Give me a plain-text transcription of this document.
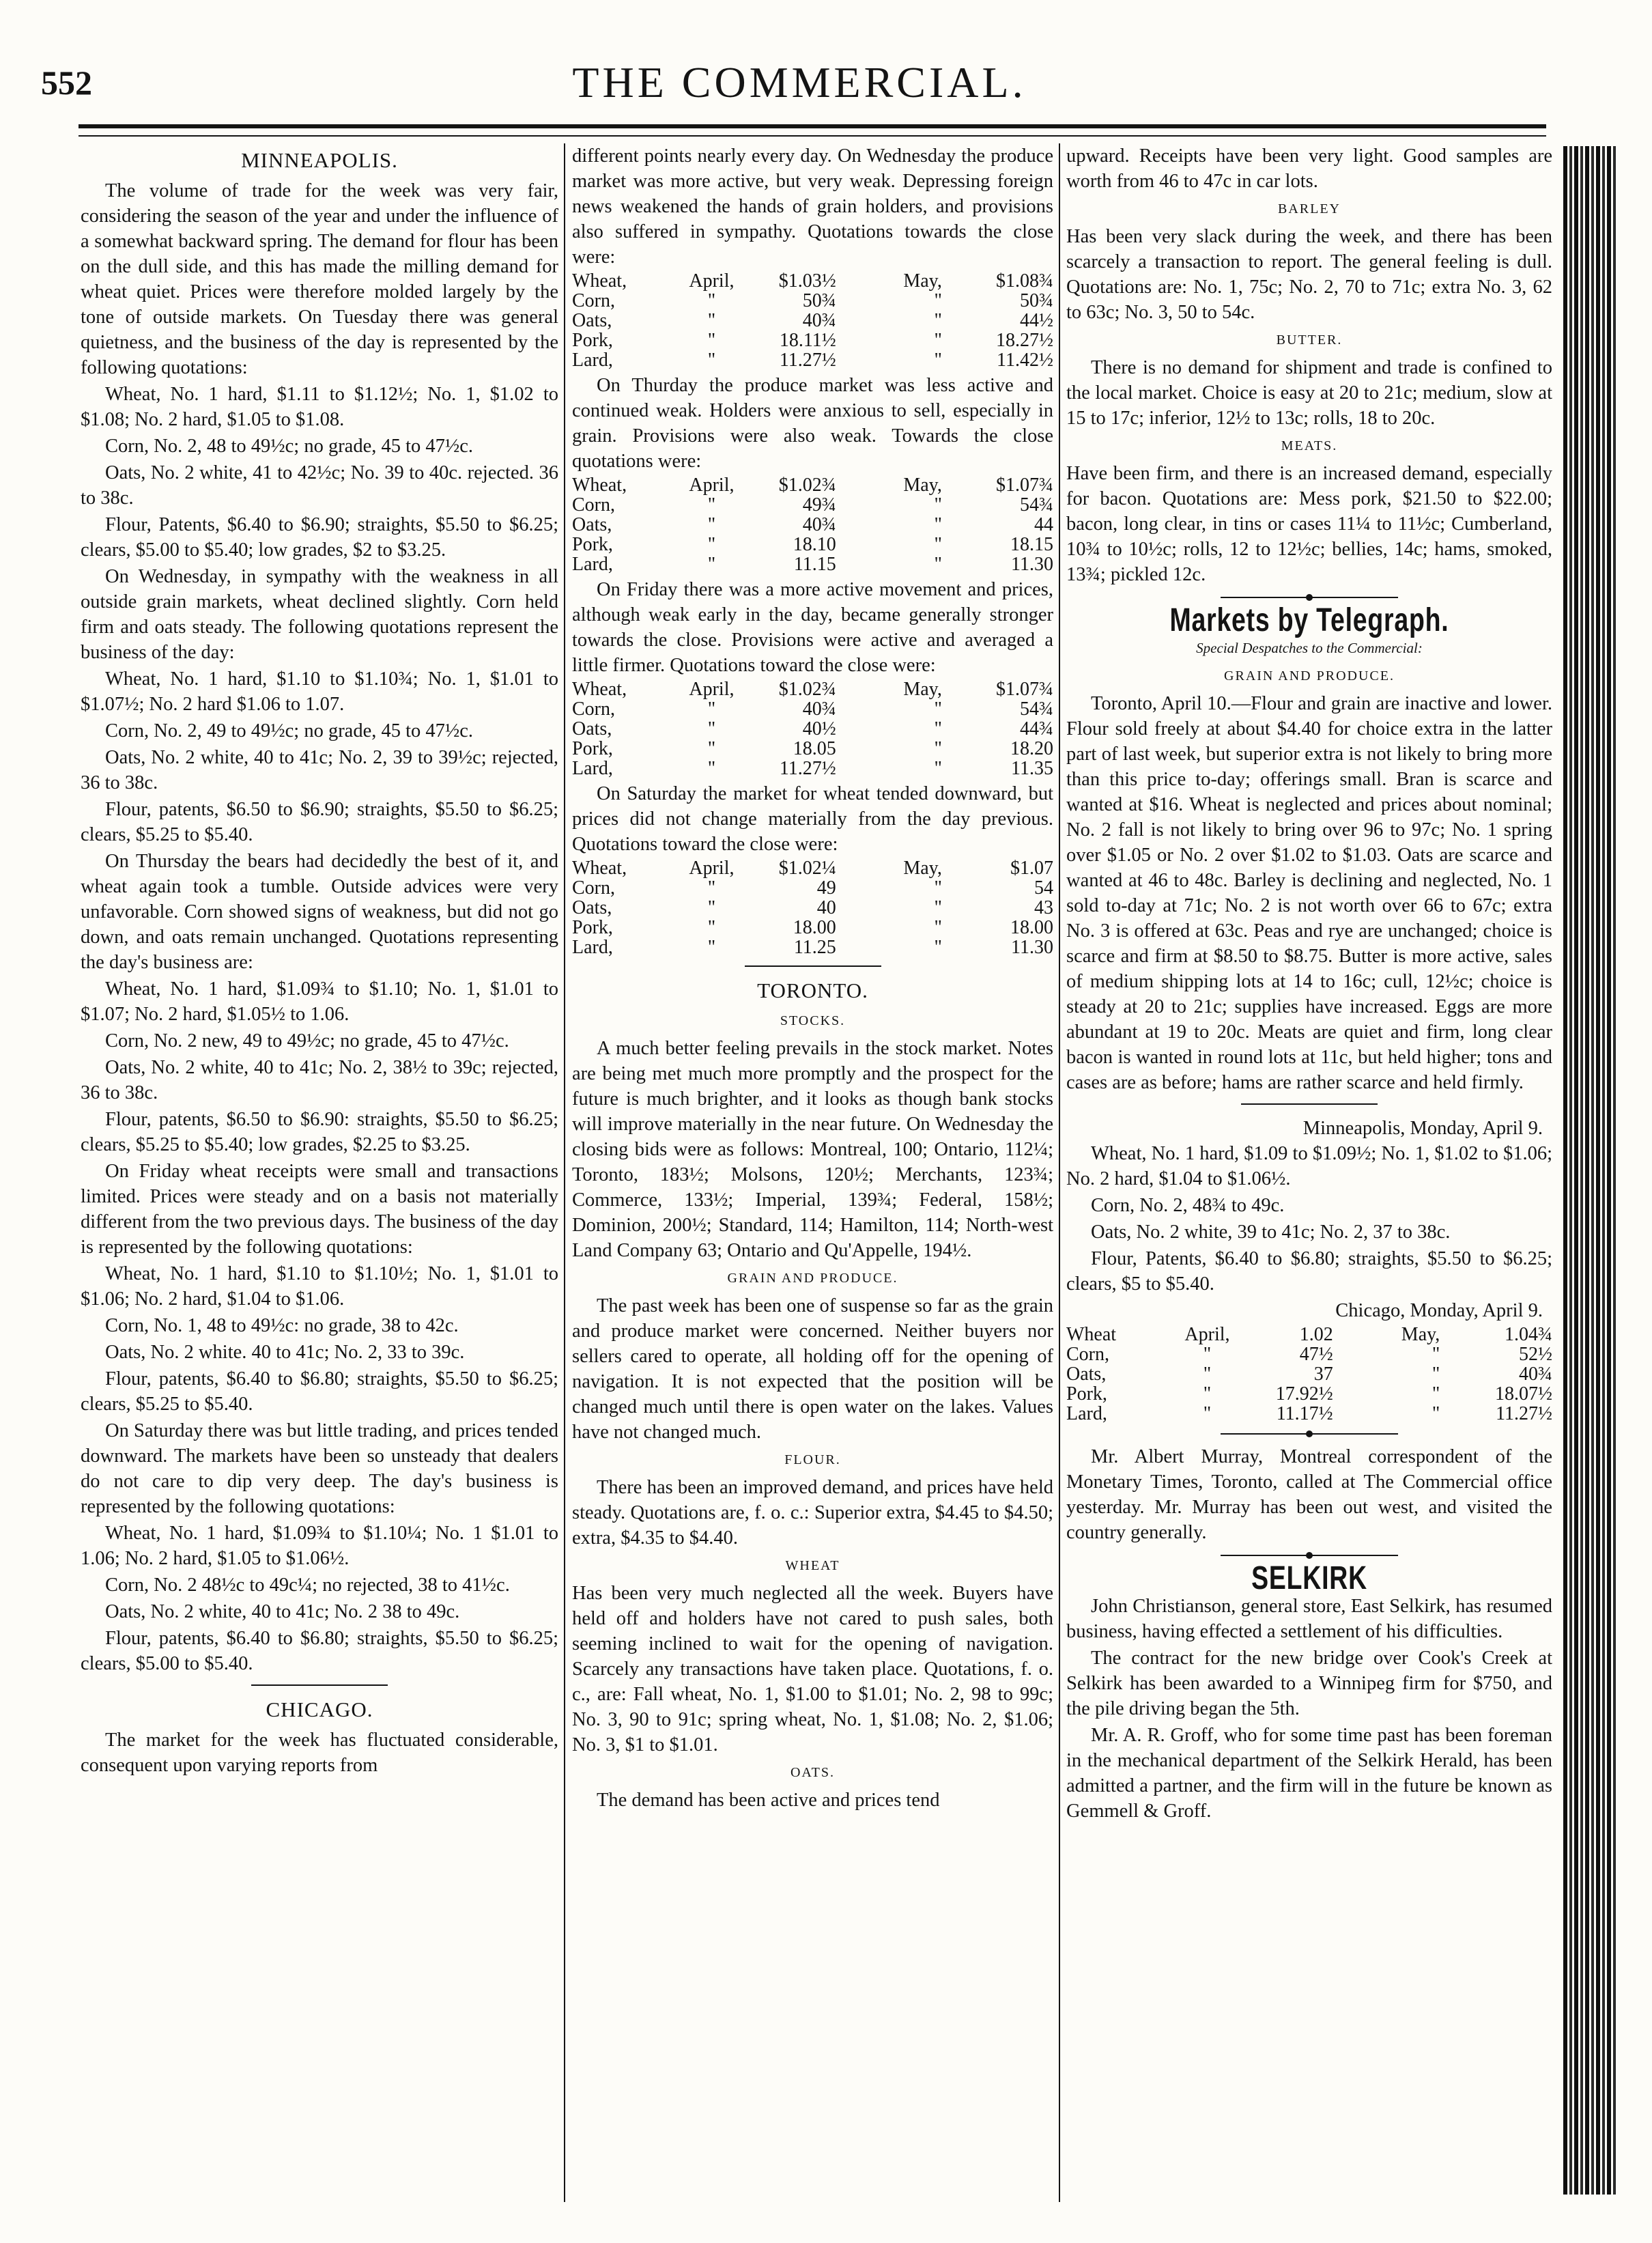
552	THE COMMERCIAL.
MINNEAPOLIS.

The volume of trade for the week was very fair, considering the season of the year and under the influence of a somewhat backward spring. The demand for flour has been on the dull side, and this has made the milling demand for wheat quiet. Prices were therefore molded largely by the tone of outside markets. On Tuesday there was general quietness, and the business of the day is represented by the following quotations:

Wheat, No. 1 hard, $1.11 to $1.12½; No. 1, $1.02 to $1.08; No. 2 hard, $1.05 to $1.08.

Corn, No. 2, 48 to 49½c; no grade, 45 to 47½c.

Oats, No. 2 white, 41 to 42½c; No. 39 to 40c. rejected. 36 to 38c.

Flour, Patents, $6.40 to $6.90; straights, $5.50 to $6.25; clears, $5.00 to $5.40; low grades, $2 to $3.25.

On Wednesday, in sympathy with the weakness in all outside grain markets, wheat declined slightly. Corn held firm and oats steady. The following quotations represent the business of the day:

Wheat, No. 1 hard, $1.10 to $1.10¾; No. 1, $1.01 to $1.07½; No. 2 hard $1.06 to 1.07.

Corn, No. 2, 49 to 49½c; no grade, 45 to 47½c.

Oats, No. 2 white, 40 to 41c; No. 2, 39 to 39½c; rejected, 36 to 38c.

Flour, patents, $6.50 to $6.90; straights, $5.50 to $6.25; clears, $5.25 to $5.40.

On Thursday the bears had decidedly the best of it, and wheat again took a tumble. Outside advices were very unfavorable. Corn showed signs of weakness, but did not go down, and oats remain unchanged. Quotations representing the day's business are:

Wheat, No. 1 hard, $1.09¾ to $1.10; No. 1, $1.01 to $1.07; No. 2 hard, $1.05½ to 1.06.

Corn, No. 2 new, 49 to 49½c; no grade, 45 to 47½c.

Oats, No. 2 white, 40 to 41c; No. 2, 38½ to 39c; rejected, 36 to 38c.

Flour, patents, $6.50 to $6.90: straights, $5.50 to $6.25; clears, $5.25 to $5.40; low grades, $2.25 to $3.25.

On Friday wheat receipts were small and transactions limited. Prices were steady and on a basis not materially different from the two previous days. The business of the day is represented by the following quotations:

Wheat, No. 1 hard, $1.10 to $1.10½; No. 1, $1.01 to $1.06; No. 2 hard, $1.04 to $1.06.

Corn, No. 1, 48 to 49½c: no grade, 38 to 42c.

Oats, No. 2 white. 40 to 41c; No. 2, 33 to 39c.

Flour, patents, $6.40 to $6.80; straights, $5.50 to $6.25; clears, $5.25 to $5.40.

On Saturday there was but little trading, and prices tended downward. The markets have been so unsteady that dealers do not care to dip very deep. The day's business is represented by the following quotations:

Wheat, No. 1 hard, $1.09¾ to $1.10¼; No. 1 $1.01 to 1.06; No. 2 hard, $1.05 to $1.06½.

Corn, No. 2 48½c to 49c¼; no rejected, 38 to 41½c.

Oats, No. 2 white, 40 to 41c; No. 2 38 to 49c.

Flour, patents, $6.40 to $6.80; straights, $5.50 to $6.25; clears, $5.00 to $5.40.

CHICAGO.

The market for the week has fluctuated considerable, consequent upon varying reports from

different points nearly every day. On Wednesday the produce market was more active, but very weak. Depressing foreign news weakened the hands of grain holders, and provisions also suffered in sympathy. Quotations towards the close were:

Wheat,	April,	$1.03½	May,	$1.08¾
Corn,	"	50¾	"	50¾
Oats,	"	40¾	"	44½
Pork,	"	18.11½	"	18.27½
Lard,	"	11.27½	"	11.42½

On Thurday the produce market was less active and continued weak. Holders were anxious to sell, especially in grain. Provisions were also weak. Towards the close quotations were:

Wheat,	April,	$1.02¾	May,	$1.07¾
Corn,	"	49¾	"	54¾
Oats,	"	40¾	"	44
Pork,	"	18.10	"	18.15
Lard,	"	11.15	"	11.30

On Friday there was a more active movement and prices, although weak early in the day, became generally stronger towards the close. Provisions were active and averaged a little firmer. Quotations toward the close were:

Wheat,	April,	$1.02¾	May,	$1.07¾
Corn,	"	40¾	"	54¾
Oats,	"	40½	"	44¾
Pork,	"	18.05	"	18.20
Lard,	"	11.27½	"	11.35

On Saturday the market for wheat tended downward, but prices did not change materially from the day previous. Quotations toward the close were:

Wheat,	April,	$1.02¼	May,	$1.07
Corn,	"	49	"	54
Oats,	"	40	"	43
Pork,	"	18.00	"	18.00
Lard,	"	11.25	"	11.30
TORONTO.
STOCKS.

A much better feeling prevails in the stock market. Notes are being met much more promptly and the prospect for the future is much brighter, and it looks as though bank stocks will improve materially in the near future. On Wednesday the closing bids were as follows: Montreal, 100; Ontario, 112¼; Toronto, 183½; Molsons, 120½; Merchants, 123¾; Commerce, 133½; Imperial, 139¾; Federal, 158½; Dominion, 200½; Standard, 114; Hamilton, 114; North-west Land Company 63; Ontario and Qu'Appelle, 194½.

GRAIN AND PRODUCE.

The past week has been one of suspense so far as the grain and produce market were concerned. Neither buyers nor sellers cared to operate, all holding off for the opening of navigation. It is not expected that the position will be changed much until there is open water on the lakes. Values have not changed much.

FLOUR.

There has been an improved demand, and prices have held steady. Quotations are, f. o. c.: Superior extra, $4.45 to $4.50; extra, $4.35 to $4.40.

WHEAT

Has been very much neglected all the week. Buyers have held off and holders have not cared to push sales, both seeming inclined to wait for the opening of navigation. Scarcely any transactions have taken place. Quotations, f. o. c., are: Fall wheat, No. 1, $1.00 to $1.01; No. 2, 98 to 99c; No. 3, 90 to 91c; spring wheat, No. 1, $1.08; No. 2, $1.06; No. 3, $1 to $1.01.

OATS.

The demand has been active and prices tend

upward. Receipts have been very light. Good samples are worth from 46 to 47c in car lots.

BARLEY

Has been very slack during the week, and there has been scarcely a transaction to report. The general feeling is dull. Quotations are: No. 1, 75c; No. 2, 70 to 71c; extra No. 3, 62 to 63c; No. 3, 50 to 54c.

BUTTER.

There is no demand for shipment and trade is confined to the local market. Choice is easy at 20 to 21c; medium, slow at 15 to 17c; inferior, 12½ to 13c; rolls, 18 to 20c.

MEATS.

Have been firm, and there is an increased demand, especially for bacon. Quotations are: Mess pork, $21.50 to $22.00; bacon, long clear, in tins or cases 11¼ to 11½c; Cumberland, 10¾ to 10½c; rolls, 12 to 12½c; bellies, 14c; hams, smoked, 13¾; pickled 12c.

Markets by Telegraph.
Special Despatches to the Commercial:
GRAIN AND PRODUCE.

Toronto, April 10.—Flour and grain are inactive and lower. Flour sold freely at about $4.40 for choice extra in the latter part of last week, but superior extra is not likely to bring more than this price to-day; offerings small. Bran is scarce and wanted at $16. Wheat is neglected and prices about nominal; No. 2 fall is not likely to bring over 96 to 97c; No. 1 spring over $1.05 or No. 2 over $1.02 to $1.03. Oats are scarce and wanted at 46 to 48c. Barley is declining and neglected, No. 1 sold to-day at 71c; No. 2 is not worth over 66 to 67c; extra No. 3 is offered at 63c. Peas and rye are unchanged; choice is scarce and firm at $8.50 to $8.75. Butter is more active, sales of medium shipping lots at 14 to 16c; cull, 12½c; choice is steady at 20 to 21c; supplies have increased. Eggs are more abundant at 19 to 20c. Meats are quiet and firm, long clear bacon is wanted in round lots at 11c, but held higher; tons and cases are as before; hams are rather scarce and held firmly.

Minneapolis, Monday, April 9.

Wheat, No. 1 hard, $1.09 to $1.09½; No. 1, $1.02 to $1.06; No. 2 hard, $1.04 to $1.06½.

Corn, No. 2, 48¾ to 49c.

Oats, No. 2 white, 39 to 41c; No. 2, 37 to 38c.

Flour, Patents, $6.40 to $6.80; straights, $5.50 to $6.25; clears, $5 to $5.40.

Chicago, Monday, April 9.
Wheat	April,	1.02	May,	1.04¾
Corn,	"	47½	"	52½
Oats,	"	37	"	40¾
Pork,	"	17.92½	"	18.07½
Lard,	"	11.17½	"	11.27½

Mr. Albert Murray, Montreal correspondent of the Monetary Times, Toronto, called at The Commercial office yesterday. Mr. Murray has been out west, and visited the country generally.

SELKIRK

John Christianson, general store, East Selkirk, has resumed business, having effected a settlement of his difficulties.

The contract for the new bridge over Cook's Creek at Selkirk has been awarded to a Winnipeg firm for $750, and the pile driving began the 5th.

Mr. A. R. Groff, who for some time past has been foreman in the mechanical department of the Selkirk Herald, has been admitted a partner, and the firm will in the future be known as Gemmell & Groff.
